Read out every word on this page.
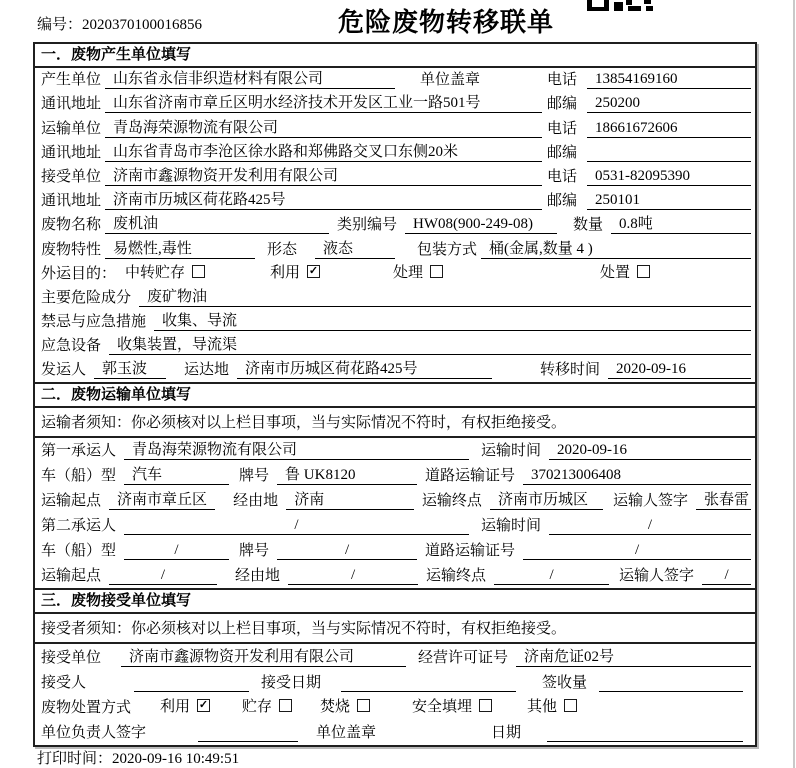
编号：2020370100016856	危险废物转移联单
一．废物产生单位填写
产生单位 山东省永信非织造材料有限公司	单位盖章	电话	13854169160
通讯地址 山东省济南市章丘区明水经济技术开发区工业一路501号	邮编	250200
运输单位 青岛海荣源物流有限公司	电话	18661672606
通讯地址 山东省青岛市李沧区徐水路和郑佛路交叉口东侧20米	邮编
接受单位 济南市鑫源物资开发利用有限公司	电话	0531-82095390
通讯地址 济南市历城区荷花路425号	邮编	250101
废物名称 废机油	类别编号	HW08(900-249-08)	数量	0.8吨
废物特性 易燃性,毒性	形态	液态	包装方式 桶(金属,数量 4 )
外运目的： 中转贮存	利用 ✓	处理	处置
主要危险成分	废矿物油
禁忌与应急措施	收集、导流
应急设备	收集装置，导流渠
发运人	郭玉波	运达地	济南市历城区荷花路425号	转移时间	2020-09-16
二．废物运输单位填写
运输者须知：你必须核对以上栏目事项，当与实际情况不符时，有权拒绝接受。
第一承运人	青岛海荣源物流有限公司	运输时间	2020-09-16
车（船）型	汽车	牌号	鲁 UK8120	道路运输证号	370213006408
运输起点	济南市章丘区	经由地	济南	运输终点	济南市历城区	运输人签字	张春雷
第二承运人	/	运输时间	/
车（船）型	/	牌号	/	道路运输证号	/
运输起点	/	经由地	/	运输终点	/	运输人签字	/
三．废物接受单位填写
接受者须知：你必须核对以上栏目事项，当与实际情况不符时，有权拒绝接受。
接受单位	济南市鑫源物资开发利用有限公司	经营许可证号	济南危证02号
接受人	接受日期	签收量
废物处置方式 利用 ✓ 贮存	焚烧	安全填埋	其他
单位负责人签字	单位盖章	日期
打印时间：2020-09-16 10:49:51
